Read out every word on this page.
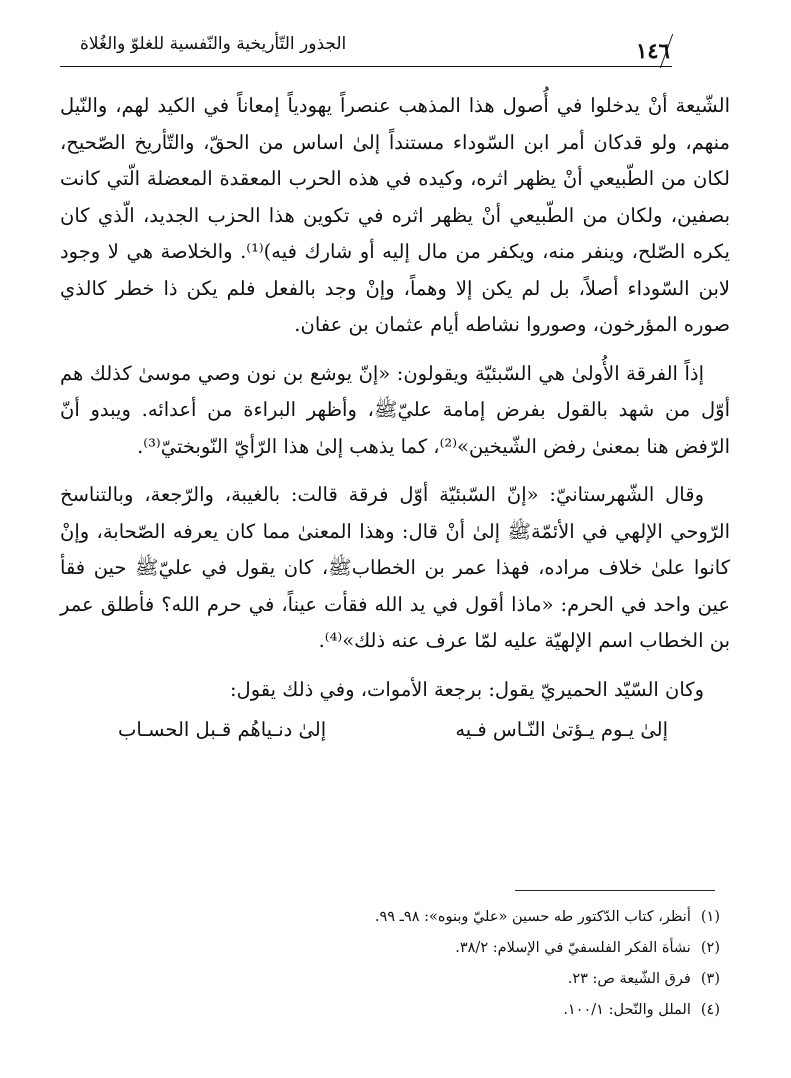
١٤٦
الجذور التّأريخية والنّفسية للغلوّ والغُلاة

الشّيعة أنْ يدخلوا في أُصول هذا المذهب عنصراً يهودياً إمعاناً في الكيد لهم، والنّيل منهم، ولو قدكان أمر ابن السّوداء مستنداً إلىٰ اساس من الحقّ، والتّأريخ الصّحيح، لكان من الطّبيعي أنْ يظهر اثره، وكيده في هذه الحرب المعقدة المعضلة الّتي كانت بصفين، ولكان من الطّبيعي أنْ يظهر اثره في تكوين هذا الحزب الجديد، الّذي كان يكره الصّلح، وينفر منه، ويكفر من مال إليه أو شارك فيه)⁽¹⁾. والخلاصة هي لا وجود لابن السّوداء أصلاً، بل لم يكن إلا وهماً، وإنْ وجد بالفعل فلم يكن ذا خطر كالذي صوره المؤرخون، وصوروا نشاطه أيام عثمان بن عفان.

إذاً الفرقة الأُولىٰ هي السّبئيّة ويقولون: «إنّ يوشع بن نون وصي موسىٰ كذلك هم أوّل من شهد بالقول بفرض إمامة عليّ‏ﷺ، وأظهر البراءة من أعدائه. ويبدو أنّ الرّفض هنا بمعنىٰ رفض الشّيخين»⁽²⁾، كما يذهب إلىٰ هذا الرّأيّ النّوبختيّ⁽³⁾.

وقال الشّهرستانيّ: «إنّ السّبئيّة أوّل فرقة قالت: بالغيبة، والرّجعة، وبالتناسخ الرّوحي الإلهي في الأئمّة‏ﷺ إلىٰ أنْ قال: وهذا المعنىٰ مما كان يعرفه الصّحابة، وإنْ كانوا علىٰ خلاف مراده، فهذا عمر بن الخطاب‏ﷺ، كان يقول في عليّ‏ﷺ حين فقأ عين واحد في الحرم: «ماذا أقول في يد الله فقأت عيناً، في حرم الله؟ فأطلق عمر بن الخطاب اسم الإلهيّة عليه لمّا عرف عنه ذلك»⁽⁴⁾.

وكان السّيّد الحميريّ يقول: برجعة الأموات، وفي ذلك يقول:

إلىٰ يـوم يـؤتىٰ النّـاس فـيه
إلىٰ دنـياهُم قـبل الحسـاب
(١)أنظر، كتاب الدّكتور طه حسين «عليّ وبنوه»: ٩٨ـ ٩٩.
(٢)نشأة الفكر الفلسفيّ في الإسلام: ٣٨/٢.
(٣)فرق الشّيعة ص: ٢٣.
(٤)الملل والنّحل: ١٠٠/١.
